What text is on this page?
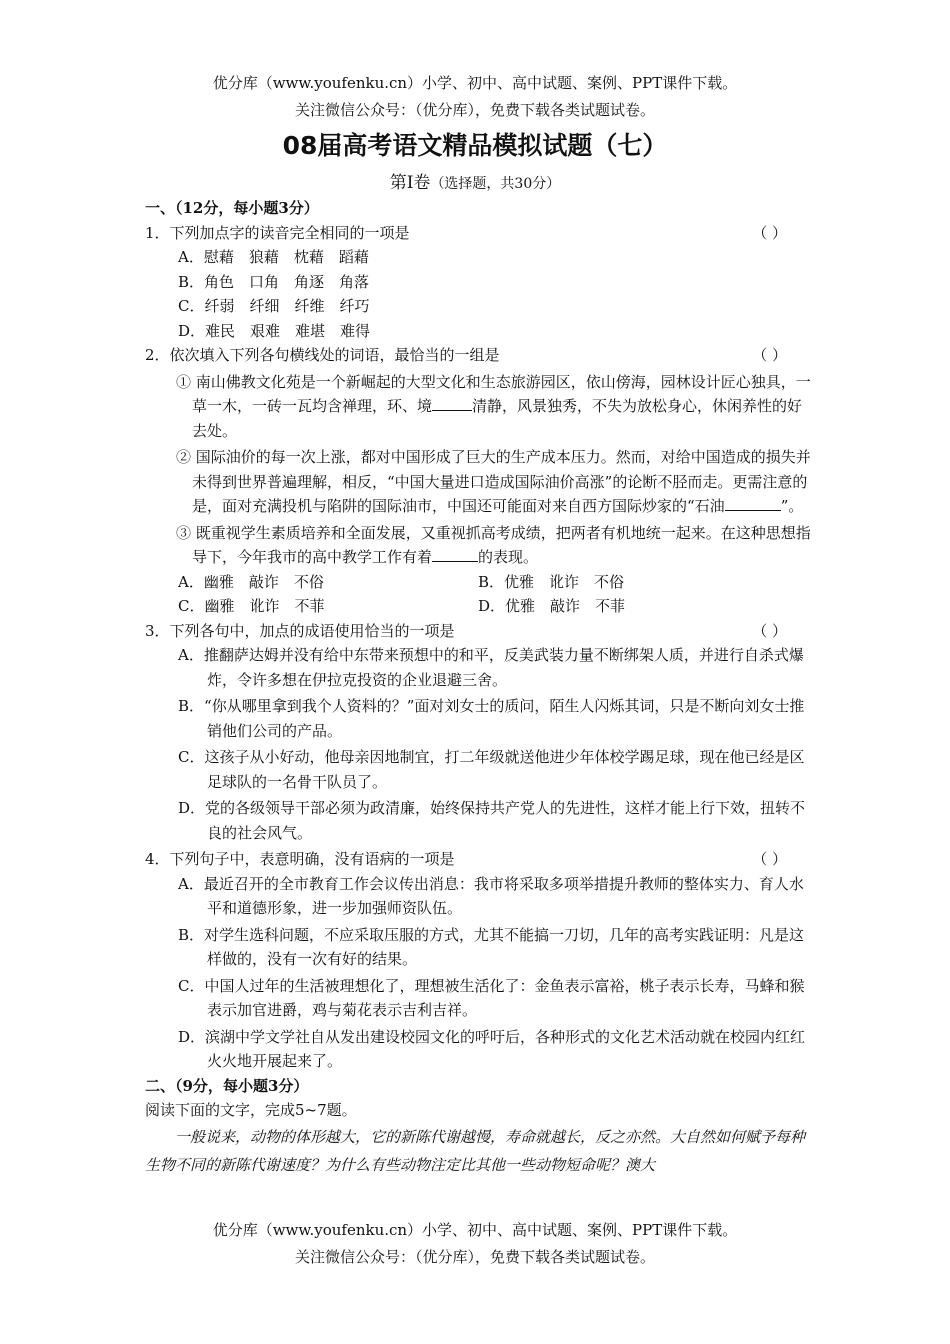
优分库（www.youfenku.cn）小学、初中、高中试题、案例、PPT课件下载。
关注微信公众号：（优分库），免费下载各类试题试卷。
08届高考语文精品模拟试题（七）
第Ⅰ卷（选择题，共30分）
一、（12分，每小题3分）
1．下列加点字的读音完全相同的一项是	（ ）
A．慰藉　狼藉　枕藉　蹈藉
B．角色　口角　角逐　角落
C．纤弱　纤细　纤维　纤巧
D．难民　艰难　难堪　难得
2．依次填入下列各句横线处的词语，最恰当的一组是	（ ）
① 南山佛教文化苑是一个新崛起的大型文化和生态旅游园区，依山傍海，园林设计匠心独具，一草一木，一砖一瓦均含禅理，环、境	清静，风景独秀，不失为放松身心，休闲养性的好去处。
② 国际油价的每一次上涨，都对中国形成了巨大的生产成本压力。然而，对给中国造成的损失并未得到世界普遍理解，相反，“中国大量进口造成国际油价高涨”的论断不胫而走。更需注意的是，面对充满投机与陷阱的国际油市，中国还可能面对来自西方国际炒家的“石油	”。
③ 既重视学生素质培养和全面发展，又重视抓高考成绩，把两者有机地统一起来。在这种思想指导下，今年我市的高中教学工作有着	的表现。
A．幽雅　敲诈　不俗	B．优雅　讹诈　不俗
C．幽雅　讹诈　不菲	D．优雅　敲诈　不菲
3．下列各句中，加点的成语使用恰当的一项是	（ ）
A．推翻萨达姆并没有给中东带来预想中的和平，反美武装力量不断绑架人质，并进行自杀式爆炸，令许多想在伊拉克投资的企业退避三舍。
B．“你从哪里拿到我个人资料的？”面对刘女士的质问，陌生人闪烁其词，只是不断向刘女士推销他们公司的产品。
C．这孩子从小好动，他母亲因地制宜，打二年级就送他进少年体校学踢足球，现在他已经是区足球队的一名骨干队员了。
D．党的各级领导干部必须为政清廉，始终保持共产党人的先进性，这样才能上行下效，扭转不良的社会风气。
4．下列句子中，表意明确，没有语病的一项是	（ ）
A．最近召开的全市教育工作会议传出消息：我市将采取多项举措提升教师的整体实力、育人水平和道德形象，进一步加强师资队伍。
B．对学生选科问题，不应采取压服的方式，尤其不能搞一刀切，几年的高考实践证明：凡是这样做的，没有一次有好的结果。
C．中国人过年的生活被理想化了，理想被生活化了：金鱼表示富裕，桃子表示长寿，马蜂和猴表示加官进爵，鸡与菊花表示吉利吉祥。
D．滨湖中学文学社自从发出建设校园文化的呼吁后，各种形式的文化艺术活动就在校园内红红火火地开展起来了。
二、（9分，每小题3分）
阅读下面的文字，完成5~7题。
一般说来，动物的体形越大，它的新陈代谢越慢，寿命就越长，反之亦然。大自然如何赋予每种生物不同的新陈代谢速度？为什么有些动物注定比其他一些动物短命呢？澳大
优分库（www.youfenku.cn）小学、初中、高中试题、案例、PPT课件下载。
关注微信公众号：（优分库），免费下载各类试题试卷。
